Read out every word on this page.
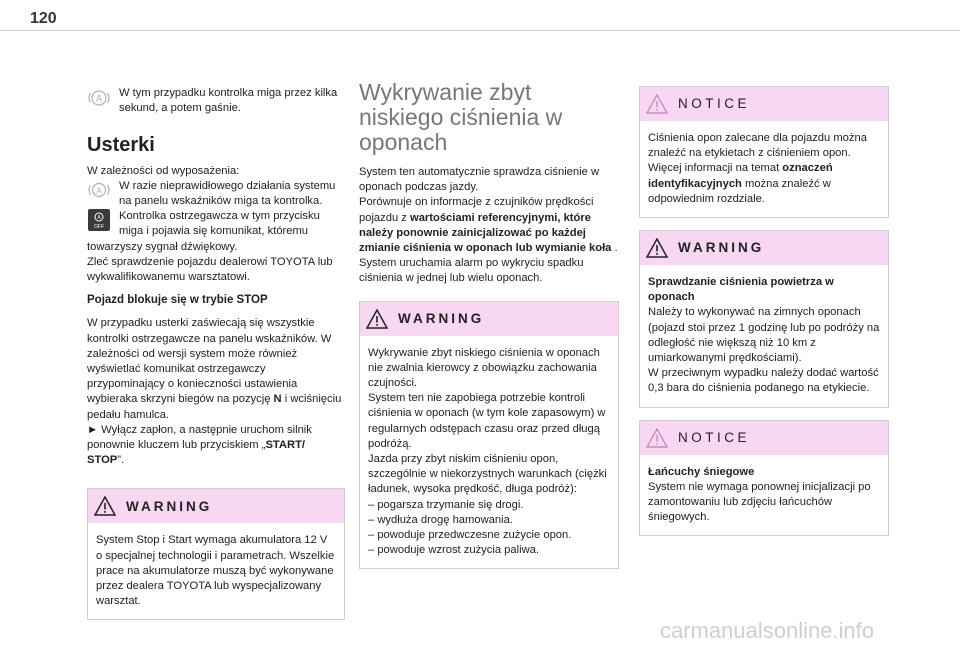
120
A W tym przypadku kontrolka miga przez kilka sekund, a potem gaśnie.

Usterki

W zależności od wyposażenia:

A W razie nieprawidłowego działania systemu na panelu wskaźników miga ta kontrolka.
A
OFF
Kontrolka ostrzegawcza w tym przycisku miga i pojawia się komunikat, któremu towarzyszy sygnał dźwiękowy.

Zleć sprawdzenie pojazdu dealerowi TOYOTA lub wykwalifikowanemu warsztatowi.

Pojazd blokuje się w trybie STOP

W przypadku usterki zaświecają się wszystkie kontrolki ostrzegawcze na panelu wskaźników. W zależności od wersji system może również wyświetlać komunikat ostrzegawczy przypominający o konieczności ustawienia wybieraka skrzyni biegów na pozycję N i wciśnięciu pedału hamulca.
► Wyłącz zapłon, a następnie uruchom silnik ponownie kluczem lub przyciskiem „START/ STOP”.

WARNING

System Stop i Start wymaga akumulatora 12 V o specjalnej technologii i parametrach. Wszelkie prace na akumulatorze muszą być wykonywane przez dealera TOYOTA lub wyspecjalizowany warsztat.

Wykrywanie zbyt niskiego ciśnienia w oponach

System ten automatycznie sprawdza ciśnienie w oponach podczas jazdy.

Porównuje on informacje z czujników prędkości pojazdu z wartościami referencyjnymi, które należy ponownie zainicjalizować po każdej zmianie ciśnienia w oponach lub wymianie koła .

System uruchamia alarm po wykryciu spadku ciśnienia w jednej lub wielu oponach.

WARNING

Wykrywanie zbyt niskiego ciśnienia w oponach nie zwalnia kierowcy z obowiązku zachowania czujności.

System ten nie zapobiega potrzebie kontroli ciśnienia w oponach (w tym kole zapasowym) w regularnych odstępach czasu oraz przed długą podróżą.

Jazda przy zbyt niskim ciśnieniu opon, szczególnie w niekorzystnych warunkach (ciężki ładunek, wysoka prędkość, długa podróż):

– pogarsza trzymanie się drogi.

– wydłuża drogę hamowania.

– powoduje przedwczesne zużycie opon.

– powoduje wzrost zużycia paliwa.

NOTICE

Ciśnienia opon zalecane dla pojazdu można znaleźć na etykietach z ciśnieniem opon. Więcej informacji na temat oznaczeń identyfikacyjnych można znaleźć w odpowiednim rozdziale.

WARNING

Sprawdzanie ciśnienia powietrza w oponach

Należy to wykonywać na zimnych oponach (pojazd stoi przez 1 godzinę lub po podróży na odległość nie większą niż 10 km z umiarkowanymi prędkościami).

W przeciwnym wypadku należy dodać wartość 0,3 bara do ciśnienia podanego na etykiecie.

NOTICE

Łańcuchy śniegowe

System nie wymaga ponownej inicjalizacji po zamontowaniu lub zdjęciu łańcuchów śniegowych.

carmanualsonline.info
